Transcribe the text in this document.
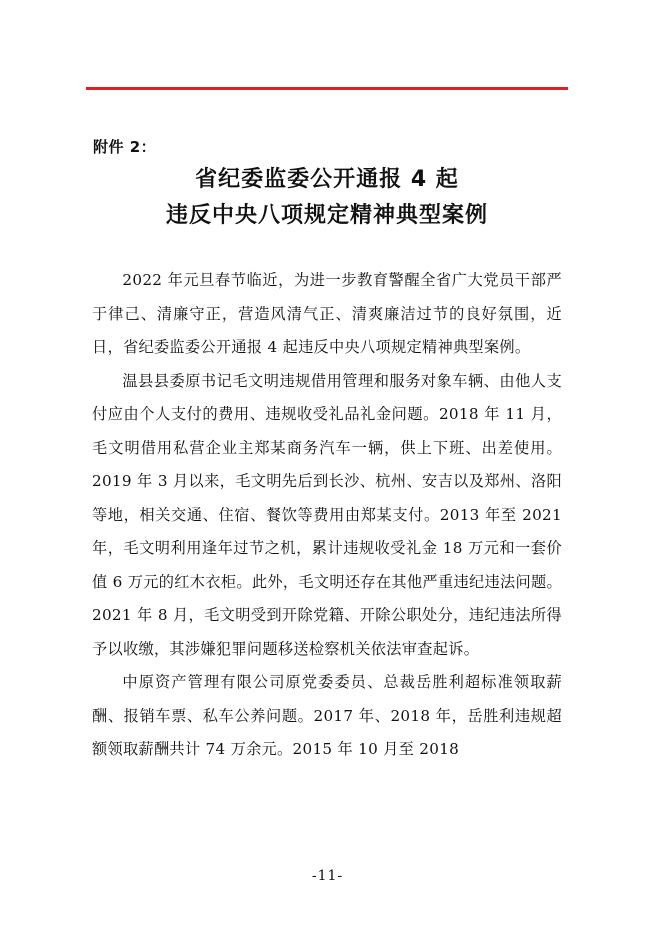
附件 2：
省纪委监委公开通报 4 起
违反中央八项规定精神典型案例

2022 年元旦春节临近，为进一步教育警醒全省广大党员干部严于律己、清廉守正，营造风清气正、清爽廉洁过节的良好氛围，近日，省纪委监委公开通报 4 起违反中央八项规定精神典型案例。

温县县委原书记毛文明违规借用管理和服务对象车辆、由他人支付应由个人支付的费用、违规收受礼品礼金问题。2018 年 11 月，毛文明借用私营企业主郑某商务汽车一辆，供上下班、出差使用。2019 年 3 月以来，毛文明先后到长沙、杭州、安吉以及郑州、洛阳等地，相关交通、住宿、餐饮等费用由郑某支付。2013 年至 2021 年，毛文明利用逢年过节之机，累计违规收受礼金 18 万元和一套价值 6 万元的红木衣柜。此外，毛文明还存在其他严重违纪违法问题。2021 年 8 月，毛文明受到开除党籍、开除公职处分，违纪违法所得予以收缴，其涉嫌犯罪问题移送检察机关依法审查起诉。

中原资产管理有限公司原党委委员、总裁岳胜利超标准领取薪酬、报销车票、私车公养问题。2017 年、2018 年，岳胜利违规超额领取薪酬共计 74 万余元。2015 年 10 月至 2018

-11-
